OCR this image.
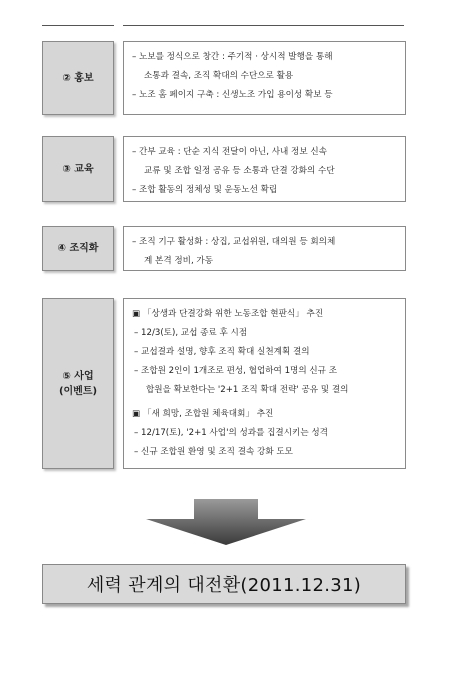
② 홍보
– 노보를 정식으로 창간 : 주기적 · 상시적 발행을 통해
소통과 결속, 조직 확대의 수단으로 활용
– 노조 홈 페이지 구축 : 신생노조 가입 용이성 확보 등
③ 교육
– 간부 교육 : 단순 지식 전달이 아닌, 사내 정보 신속
교류 및 조합 일정 공유 등 소통과 단결 강화의 수단
– 조합 활동의 정체성 및 운동노선 확립
④ 조직화
– 조직 기구 활성화 : 상집, 교섭위원, 대의원 등 회의체
계 본격 정비, 가동
⑤ 사업
(이벤트)
▣ 「상생과 단결강화 위한 노동조합 현판식」 추진
– 12/3(토), 교섭 종료 후 시점
– 교섭결과 설명, 향후 조직 확대 실천계획 결의
– 조합원 2인이 1개조로 편성, 협업하여 1명의 신규 조
합원을 확보한다는 '2+1 조직 확대 전략' 공유 및 결의
▣ 「새 희망, 조합원 체육대회」 추진
– 12/17(토), '2+1 사업'의 성과를 집결시키는 성격
– 신규 조합원 환영 및 조직 결속 강화 도모
세력 관계의 대전환(2011.12.31)
